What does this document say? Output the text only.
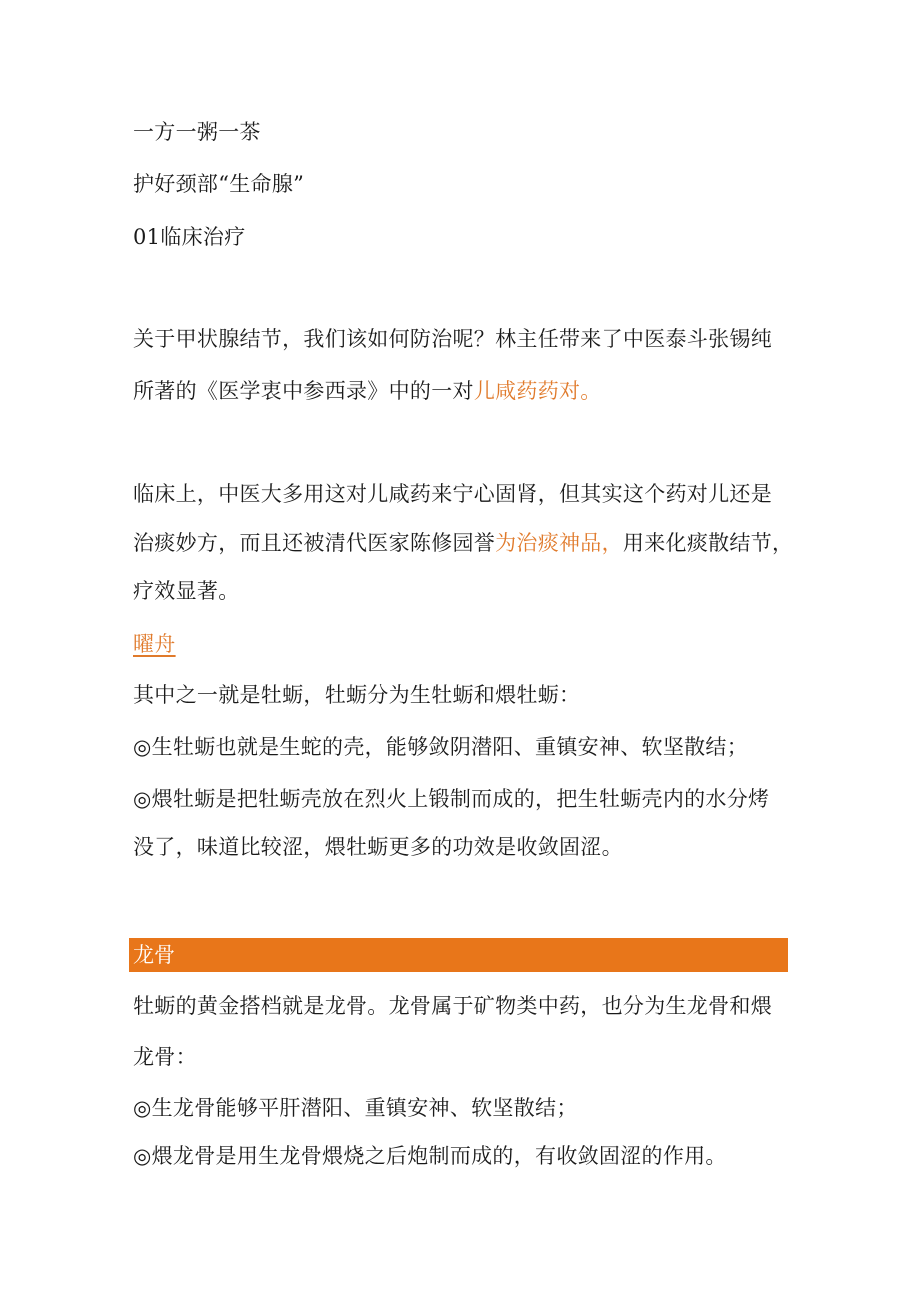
一方一粥一茶
护好颈部“生命腺”
01临床治疗
关于甲状腺结节，我们该如何防治呢？林主任带来了中医泰斗张锡纯
所著的《医学衷中参西录》中的一对儿咸药药对。
临床上，中医大多用这对儿咸药来宁心固肾，但其实这个药对儿还是
治痰妙方，而且还被清代医家陈修园誉为治痰神品，用来化痰散结节，
疗效显著。
曜舟
其中之一就是牡蛎，牡蛎分为生牡蛎和煨牡蛎：
◎生牡蛎也就是生蛇的壳，能够敛阴潜阳、重镇安神、软坚散结；
◎煨牡蛎是把牡蛎壳放在烈火上锻制而成的，把生牡蛎壳内的水分烤
没了，味道比较涩，煨牡蛎更多的功效是收敛固涩。
龙骨
牡蛎的黄金搭档就是龙骨。龙骨属于矿物类中药，也分为生龙骨和煨
龙骨：
◎生龙骨能够平肝潜阳、重镇安神、软坚散结；
◎煨龙骨是用生龙骨煨烧之后炮制而成的，有收敛固涩的作用。
